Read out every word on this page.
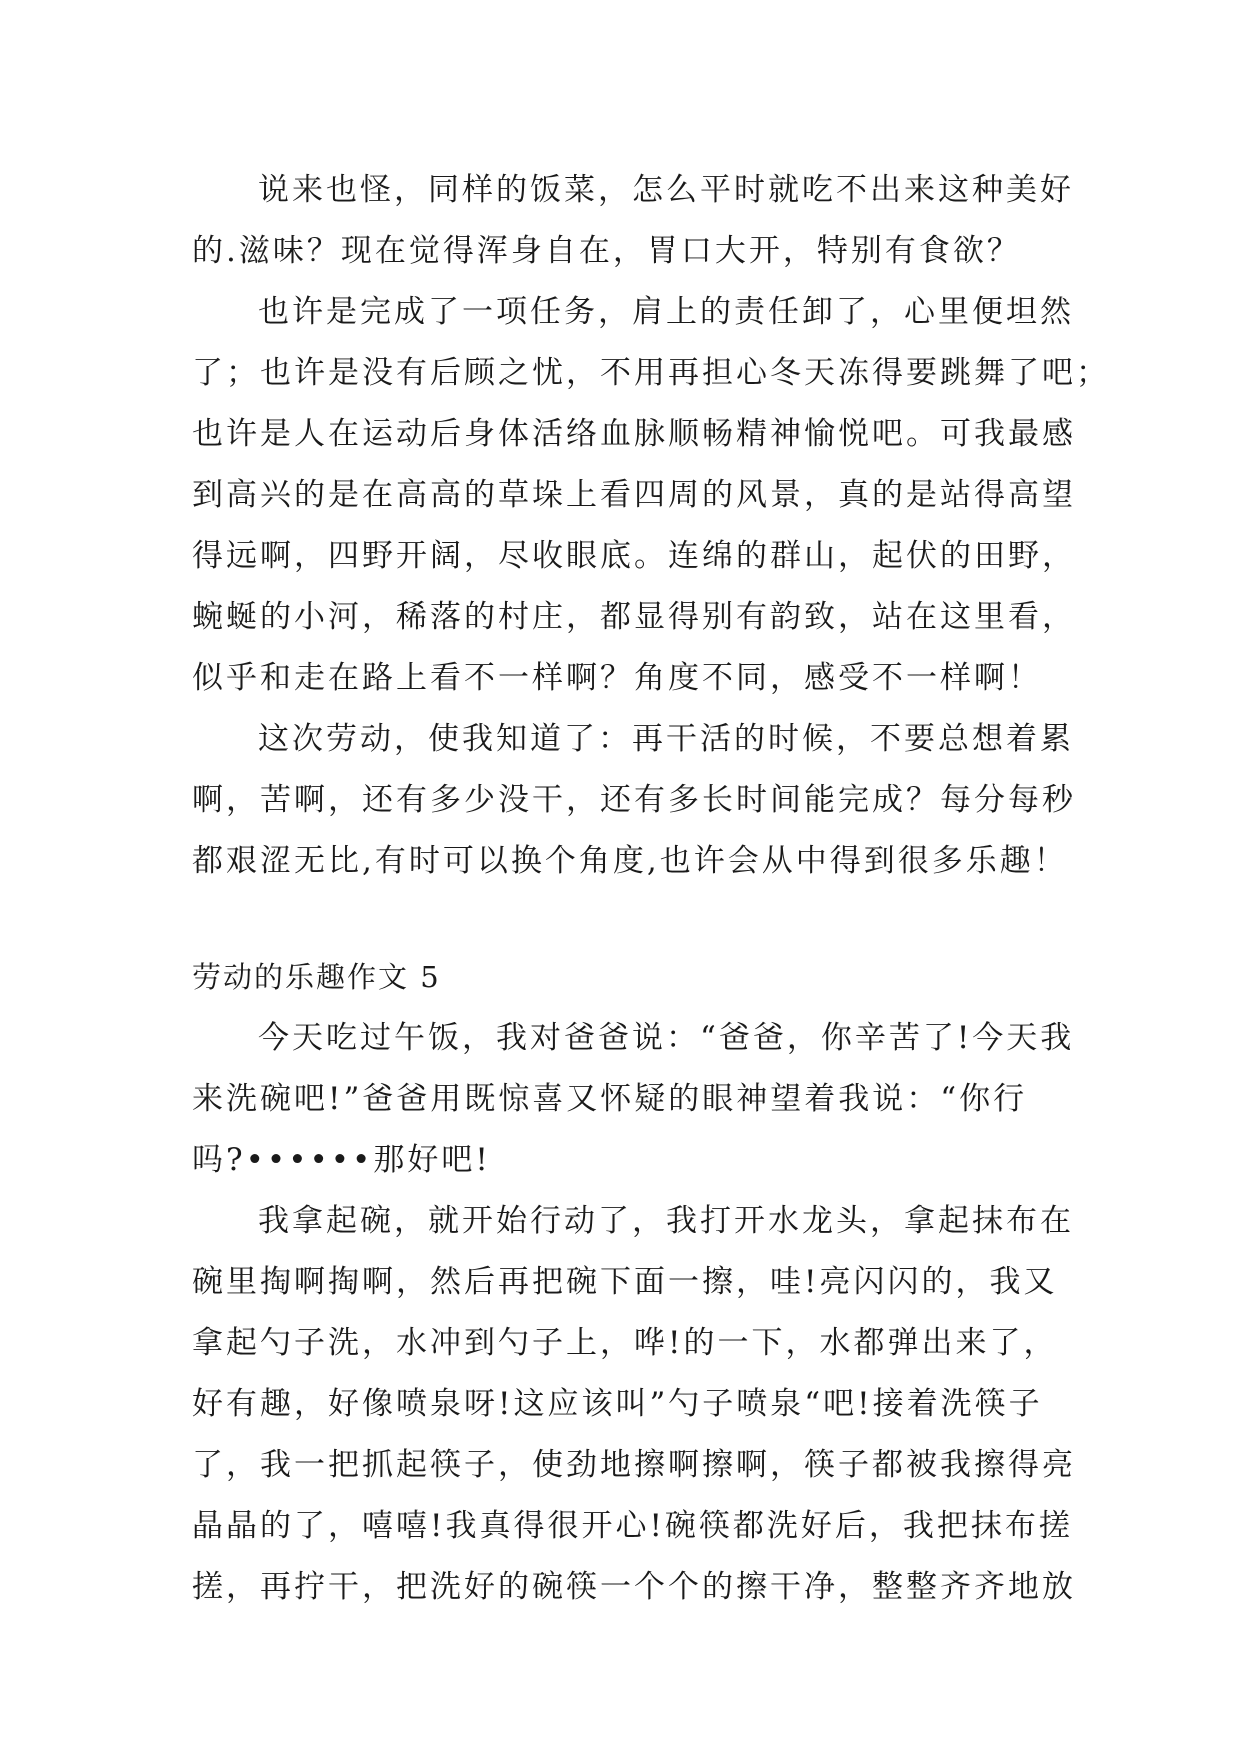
说来也怪，同样的饭菜，怎么平时就吃不出来这种美好
的.滋味？现在觉得浑身自在，胃口大开，特别有食欲？
也许是完成了一项任务，肩上的责任卸了，心里便坦然
了；也许是没有后顾之忧，不用再担心冬天冻得要跳舞了吧；
也许是人在运动后身体活络血脉顺畅精神愉悦吧。可我最感
到高兴的是在高高的草垛上看四周的风景，真的是站得高望
得远啊，四野开阔，尽收眼底。连绵的群山，起伏的田野，
蜿蜒的小河，稀落的村庄，都显得别有韵致，站在这里看，
似乎和走在路上看不一样啊？角度不同，感受不一样啊！
这次劳动，使我知道了：再干活的时候，不要总想着累
啊，苦啊，还有多少没干，还有多长时间能完成？每分每秒
都艰涩无比,有时可以换个角度,也许会从中得到很多乐趣！
劳动的乐趣作文 5
今天吃过午饭，我对爸爸说：“爸爸，你辛苦了!今天我
来洗碗吧!”爸爸用既惊喜又怀疑的眼神望着我说：“你行
吗?••••••那好吧!
我拿起碗，就开始行动了，我打开水龙头，拿起抹布在
碗里掏啊掏啊，然后再把碗下面一擦，哇!亮闪闪的，我又
拿起勺子洗，水冲到勺子上，哗!的一下，水都弹出来了，
好有趣，好像喷泉呀!这应该叫”勺子喷泉“吧!接着洗筷子
了，我一把抓起筷子，使劲地擦啊擦啊，筷子都被我擦得亮
晶晶的了，嘻嘻!我真得很开心!碗筷都洗好后，我把抹布搓
搓，再拧干，把洗好的碗筷一个个的擦干净，整整齐齐地放
